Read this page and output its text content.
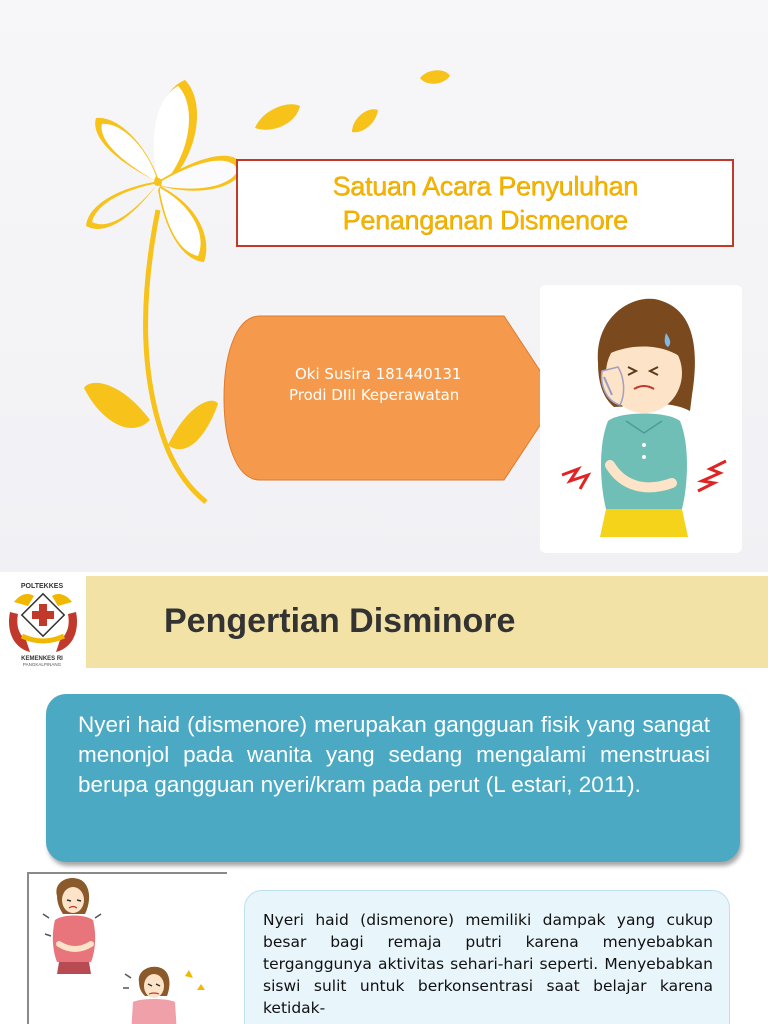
Satuan Acara Penyuluhan
Penanganan Dismenore
Oki Susira 181440131
Prodi DIII Keperawatan
POLTEKKES
KEMENKES RI
PANGKALPINANG
Pengertian Disminore
Nyeri haid (dismenore) merupakan gangguan fisik yang sangat menonjol pada wanita yang sedang mengalami menstruasi berupa gangguan nyeri/kram pada perut (L estari, 2011).
Nyeri haid (dismenore) memiliki dampak yang cukup besar bagi remaja putri karena menyebabkan terganggunya aktivitas sehari-hari seperti. Menyebabkan siswi sulit untuk berkonsentrasi saat belajar karena ketidak-
